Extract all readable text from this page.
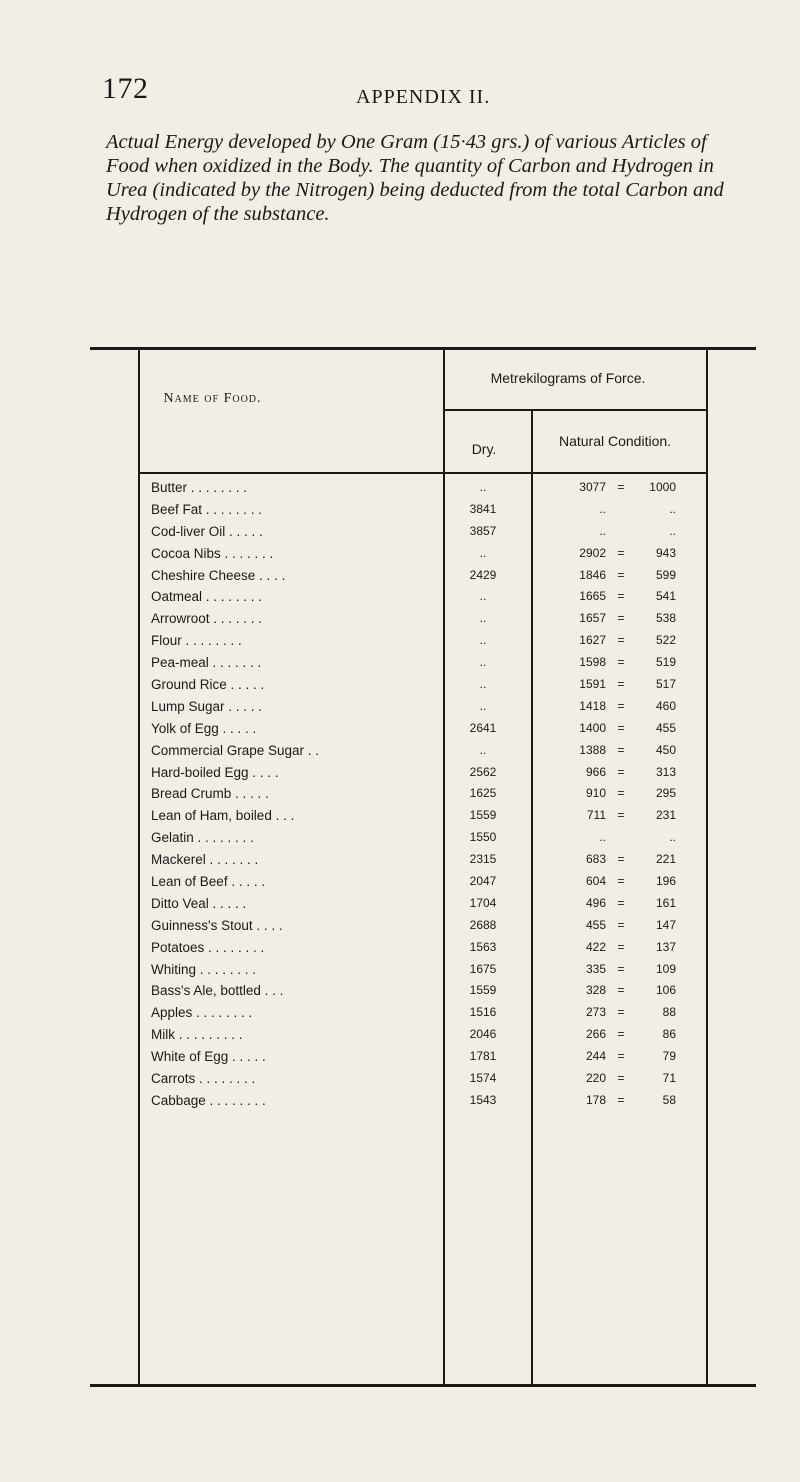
172	APPENDIX II.
Actual Energy developed by One Gram (15·43 grs.) of various Articles of Food when oxidized in the Body. The quantity of Carbon and Hydrogen in Urea (indicated by the Nitrogen) being deducted from the total Carbon and Hydrogen of the substance.
Name of Food.
Metrekilograms of Force.
Dry.	Natural Condition.
Butter . . . . . . . .	..	3077 =	1000
Beef Fat . . . . . . . .	3841	..	..
Cod-liver Oil . . . . .	3857	..	..
Cocoa Nibs . . . . . . .	..	2902 =	943
Cheshire Cheese . . . .	2429	1846 =	599
Oatmeal . . . . . . . .	..	1665 =	541
Arrowroot . . . . . . .	..	1657 =	538
Flour . . . . . . . .	..	1627 =	522
Pea-meal . . . . . . .	..	1598 =	519
Ground Rice . . . . .	..	1591 =	517
Lump Sugar . . . . .	..	1418 =	460
Yolk of Egg . . . . .	2641	1400 =	455
Commercial Grape Sugar . .	..	1388 =	450
Hard-boiled Egg . . . .	2562	966 =	313
Bread Crumb . . . . .	1625	910 =	295
Lean of Ham, boiled . . .	1559	711 =	231
Gelatin . . . . . . . .	1550	..	..
Mackerel . . . . . . .	2315	683 =	221
Lean of Beef . . . . .	2047	604 =	196
Ditto Veal . . . . .	1704	496 =	161
Guinness's Stout . . . .	2688	455 =	147
Potatoes . . . . . . . .	1563	422 =	137
Whiting . . . . . . . .	1675	335 =	109
Bass's Ale, bottled . . .	1559	328 =	106
Apples . . . . . . . .	1516	273 =	88
Milk . . . . . . . . .	2046	266 =	86
White of Egg . . . . .	1781	244 =	79
Carrots . . . . . . . .	1574	220 =	71
Cabbage . . . . . . . .	1543	178 =	58
